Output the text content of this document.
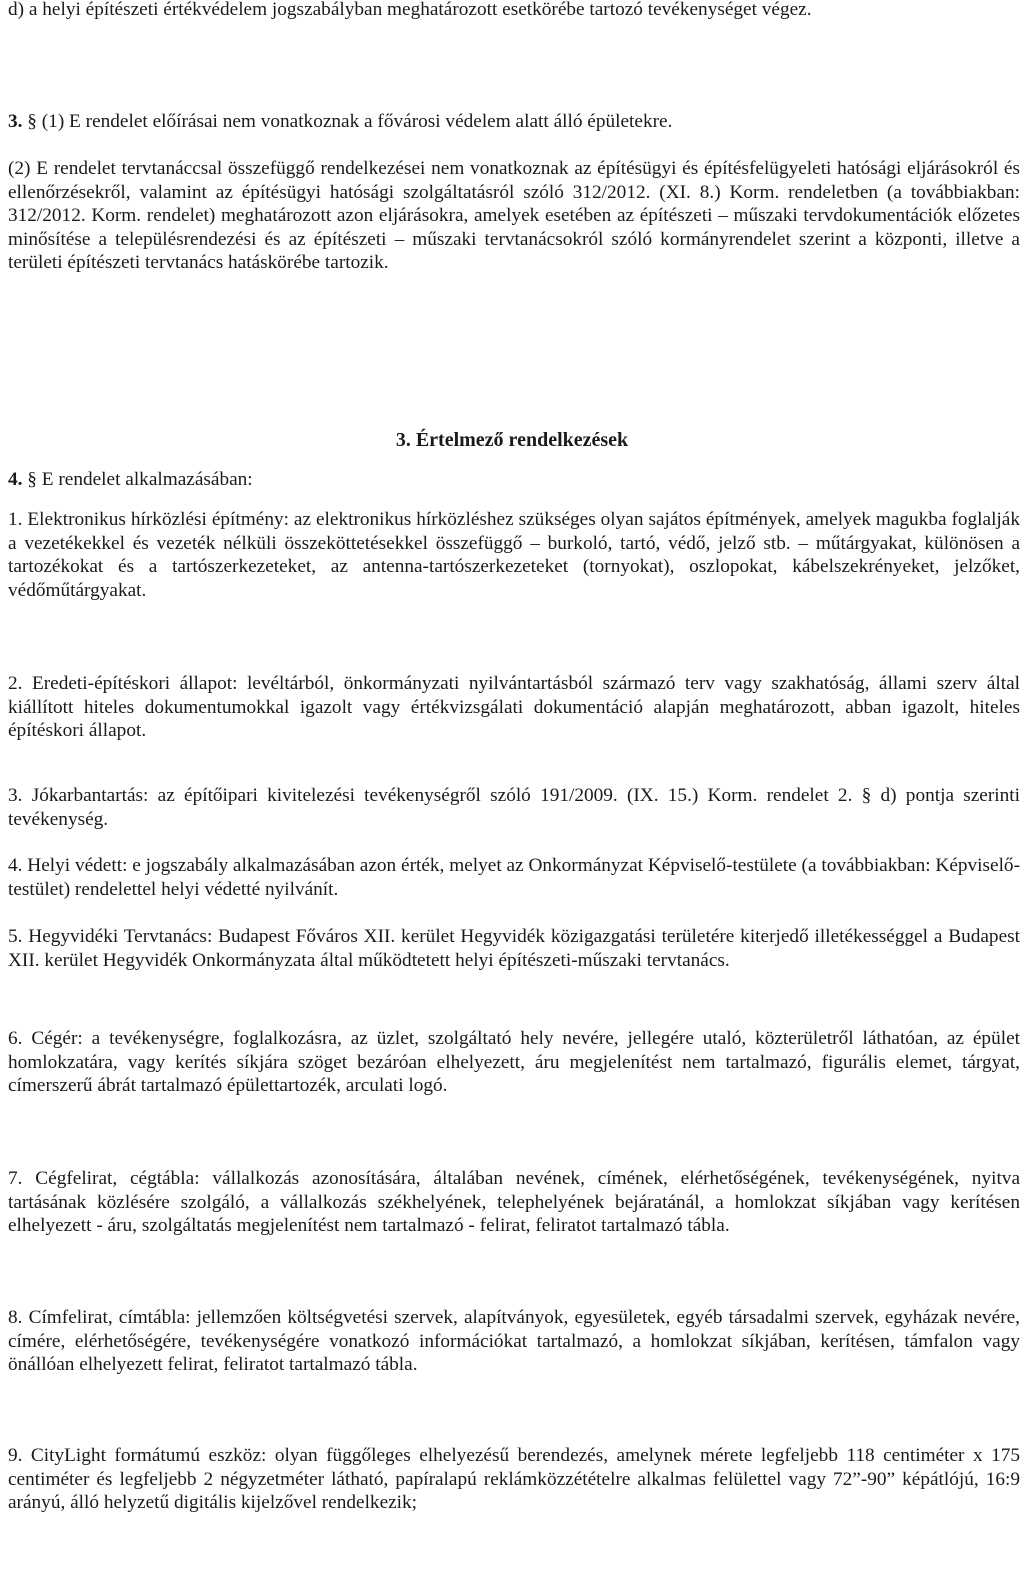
d) a helyi építészeti értékvédelem jogszabályban meghatározott esetkörébe tartozó tevékenységet végez.

3. § (1) E rendelet előírásai nem vonatkoznak a fővárosi védelem alatt álló épületekre.

(2) E rendelet tervtanáccsal összefüggő rendelkezései nem vonatkoznak az építésügyi és építésfelügyeleti hatósági eljárásokról és ellenőrzésekről, valamint az építésügyi hatósági szolgáltatásról szóló 312/2012. (XI. 8.) Korm. rendeletben (a továbbiakban: 312/2012. Korm. rendelet) meghatározott azon eljárásokra, amelyek esetében az építészeti – műszaki tervdokumentációk előzetes minősítése a településrendezési és az építészeti – műszaki tervtanácsokról szóló kormányrendelet szerint a központi, illetve a területi építészeti tervtanács hatáskörébe tartozik.

3. Értelmező rendelkezések

4. § E rendelet alkalmazásában:

1. Elektronikus hírközlési építmény: az elektronikus hírközléshez szükséges olyan sajátos építmények, amelyek magukba foglalják a vezetékekkel és vezeték nélküli összeköttetésekkel összefüggő – burkoló, tartó, védő, jelző stb. – műtárgyakat, különösen a tartozékokat és a tartószerkezeteket, az antenna-tartószerkezeteket (tornyokat), oszlopokat, kábelszekrényeket, jelzőket, védőműtárgyakat.

2. Eredeti-építéskori állapot: levéltárból, önkormányzati nyilvántartásból származó terv vagy szakhatóság, állami szerv által kiállított hiteles dokumentumokkal igazolt vagy értékvizsgálati dokumentáció alapján meghatározott, abban igazolt, hiteles építéskori állapot.

3. Jókarbantartás: az építőipari kivitelezési tevékenységről szóló 191/2009. (IX. 15.) Korm. rendelet 2. § d) pontja szerinti tevékenység.

4. Helyi védett: e jogszabály alkalmazásában azon érték, melyet az Onkormányzat Képviselő-testülete (a továbbiakban: Képviselő-testület) rendelettel helyi védetté nyilvánít.

5. Hegyvidéki Tervtanács: Budapest Főváros XII. kerület Hegyvidék közigazgatási területére kiterjedő illetékességgel a Budapest XII. kerület Hegyvidék Onkormányzata által működtetett helyi építészeti-műszaki tervtanács.

6. Cégér: a tevékenységre, foglalkozásra, az üzlet, szolgáltató hely nevére, jellegére utaló, közterületről láthatóan, az épület homlokzatára, vagy kerítés síkjára szöget bezáróan elhelyezett, áru megjelenítést nem tartalmazó, figurális elemet, tárgyat, címerszerű ábrát tartalmazó épülettartozék, arculati logó.

7. Cégfelirat, cégtábla: vállalkozás azonosítására, általában nevének, címének, elérhetőségének, tevékenységének, nyitva tartásának közlésére szolgáló, a vállalkozás székhelyének, telephelyének bejáratánál, a homlokzat síkjában vagy kerítésen elhelyezett - áru, szolgáltatás megjelenítést nem tartalmazó - felirat, feliratot tartalmazó tábla.

8. Címfelirat, címtábla: jellemzően költségvetési szervek, alapítványok, egyesületek, egyéb társadalmi szervek, egyházak nevére, címére, elérhetőségére, tevékenységére vonatkozó információkat tartalmazó, a homlokzat síkjában, kerítésen, támfalon vagy önállóan elhelyezett felirat, feliratot tartalmazó tábla.

9. CityLight formátumú eszköz: olyan függőleges elhelyezésű berendezés, amelynek mérete legfeljebb 118 centiméter x 175 centiméter és legfeljebb 2 négyzetméter látható, papíralapú reklámközzétételre alkalmas felülettel vagy 72”-90” képátlójú, 16:9 arányú, álló helyzetű digitális kijelzővel rendelkezik;
